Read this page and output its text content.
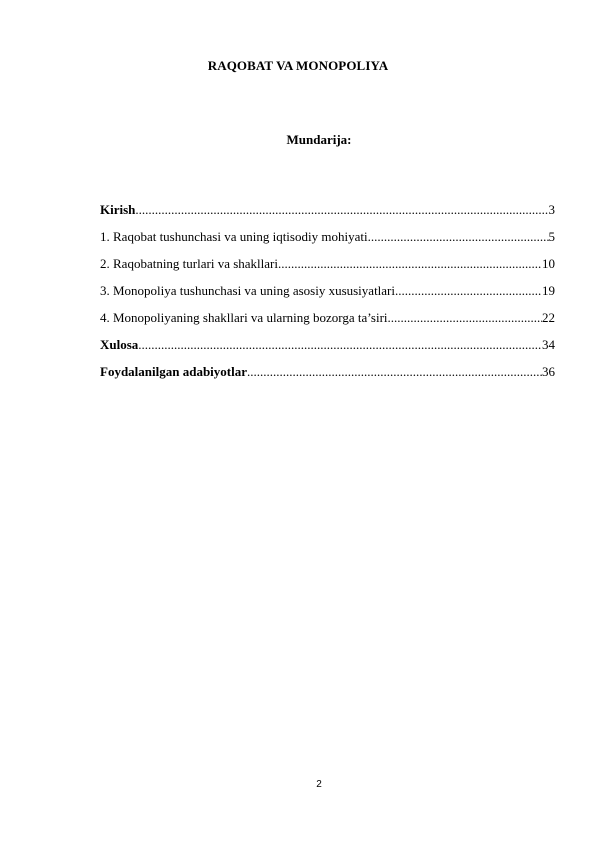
RAQOBAT VA MONOPOLIYA
Mundarija:
Kirish .....	3
1. Raqobat tushunchasi va uning iqtisodiy mohiyati .....	5
2. Raqobatning turlari va shakllari .....	10
3. Monopoliya tushunchasi va uning asosiy xususiyatlari .....	19
4. Monopoliyaning shakllari va ularning bozorga ta’siri .....	22
Xulosa .....	34
Foydalanilgan adabiyotlar .....	36
2
